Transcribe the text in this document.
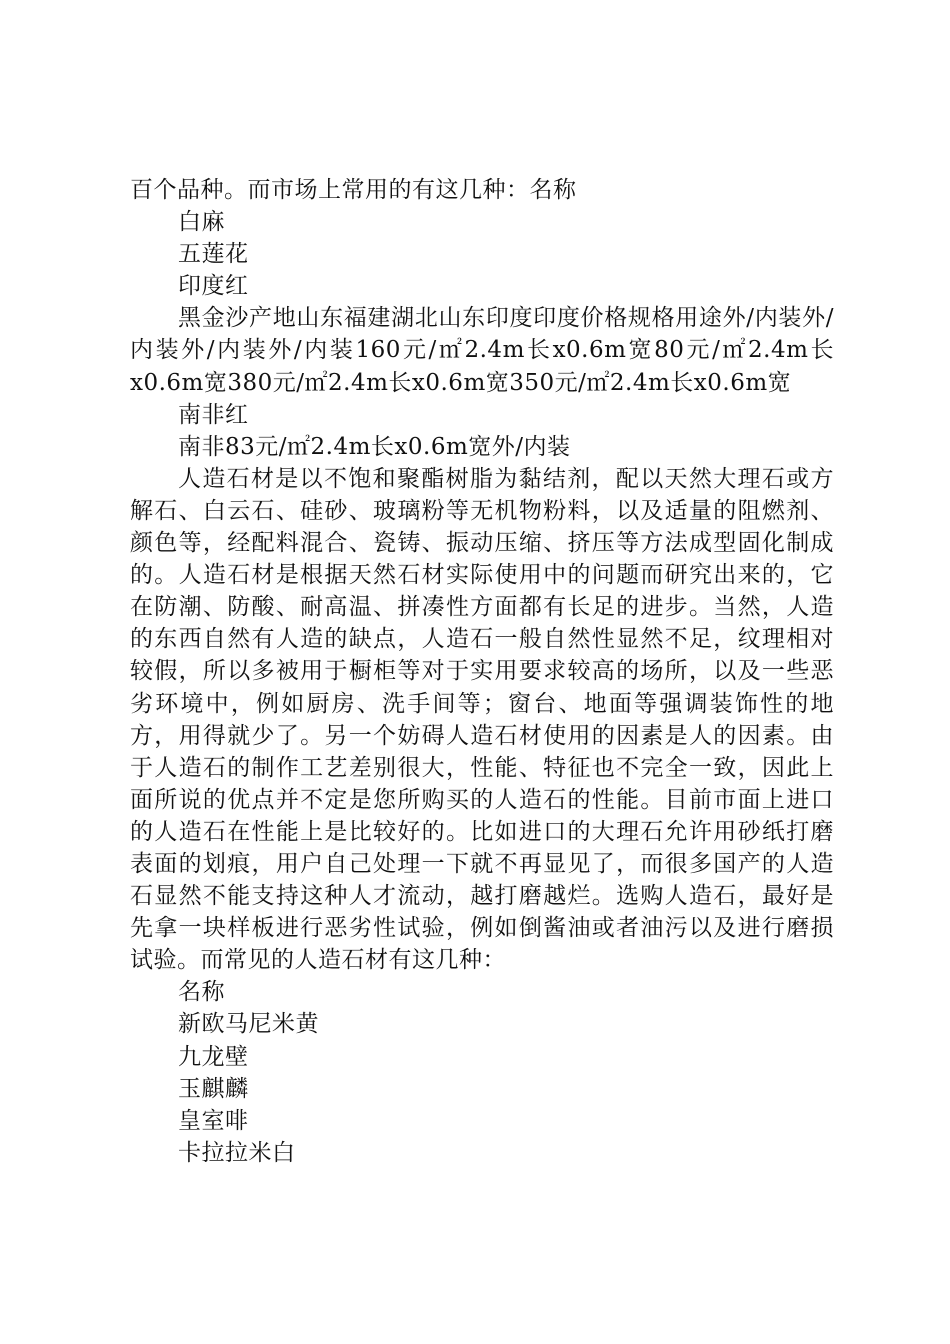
百个品种。而市场上常用的有这几种：名称

白麻

五莲花

印度红

黑金沙产地山东福建湖北山东印度印度价格规格用途外/内装外/内装外/内装外/内装160元/㎡2.4m长x0.6m宽80元/㎡2.4m长x0.6m宽380元/㎡2.4m长x0.6m宽350元/㎡2.4m长x0.6m宽

南非红

南非83元/㎡2.4m长x0.6m宽外/内装

人造石材是以不饱和聚酯树脂为黏结剂，配以天然大理石或方解石、白云石、硅砂、玻璃粉等无机物粉料，以及适量的阻燃剂、颜色等，经配料混合、瓷铸、振动压缩、挤压等方法成型固化制成的。人造石材是根据天然石材实际使用中的问题而研究出来的，它在防潮、防酸、耐高温、拼凑性方面都有长足的进步。当然，人造的东西自然有人造的缺点，人造石一般自然性显然不足，纹理相对较假，所以多被用于橱柜等对于实用要求较高的场所，以及一些恶劣环境中，例如厨房、洗手间等；窗台、地面等强调装饰性的地方，用得就少了。另一个妨碍人造石材使用的因素是人的因素。由于人造石的制作工艺差别很大，性能、特征也不完全一致，因此上面所说的优点并不定是您所购买的人造石的性能。目前市面上进口的人造石在性能上是比较好的。比如进口的大理石允许用砂纸打磨表面的划痕，用户自己处理一下就不再显见了，而很多国产的人造石显然不能支持这种人才流动，越打磨越烂。选购人造石，最好是先拿一块样板进行恶劣性试验，例如倒酱油或者油污以及进行磨损试验。而常见的人造石材有这几种：

名称

新欧马尼米黄

九龙壁

玉麒麟

皇室啡

卡拉拉米白
